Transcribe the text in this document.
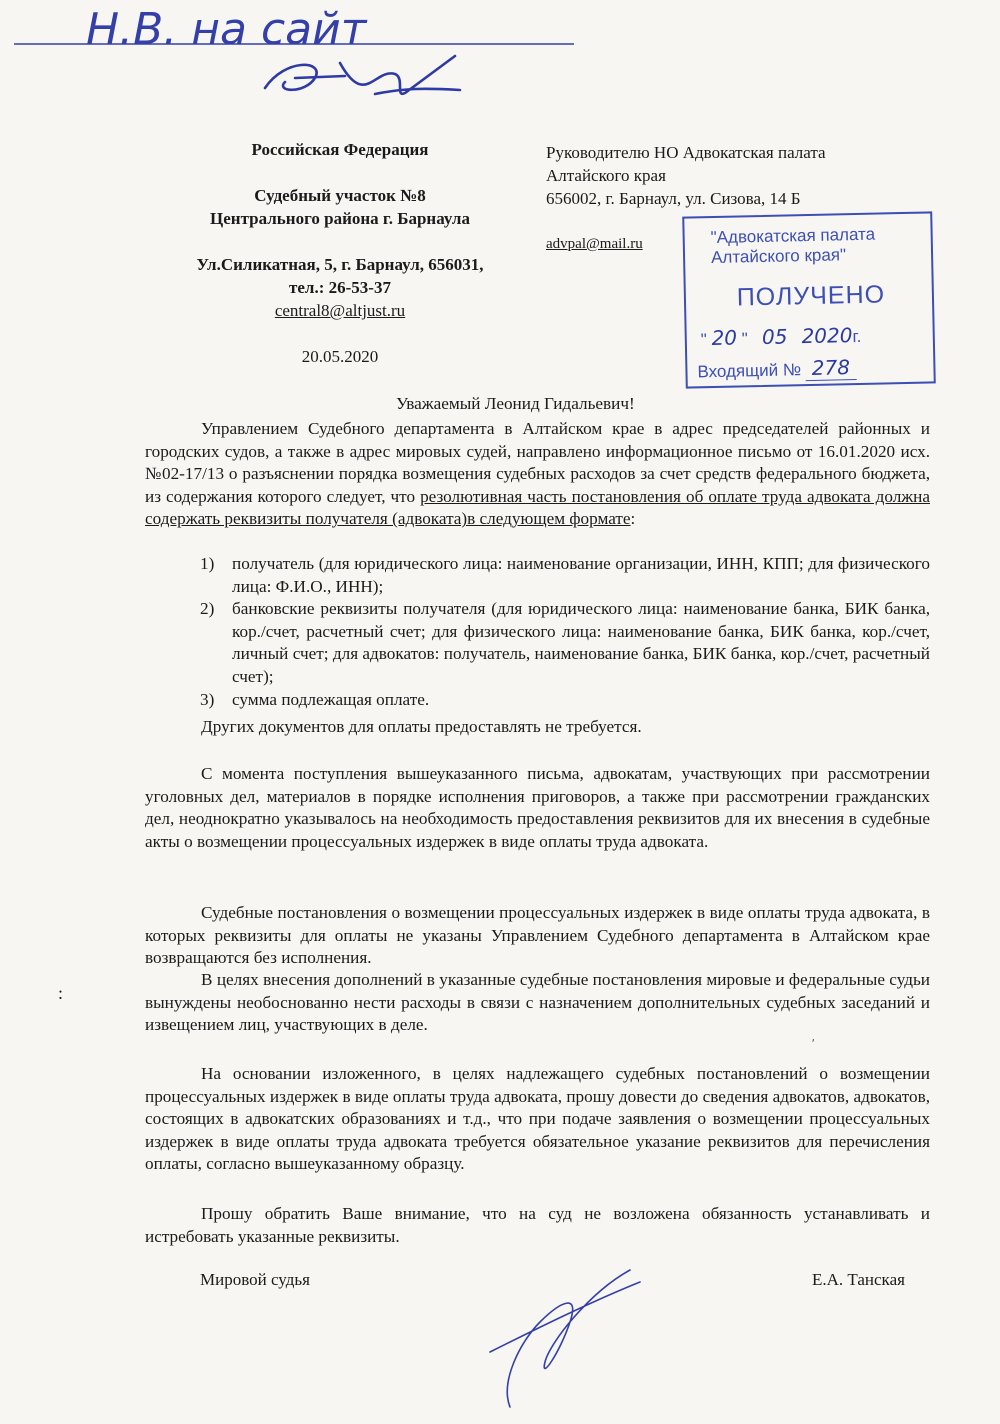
Н.В. на сайт
Российская Федерация
Судебный участок №8
Центрального района г. Барнаула
Ул.Силикатная, 5, г. Барнаул, 656031,
тел.: 26-53-37
central8@altjust.ru
20.05.2020
Руководителю НО Адвокатская палата
Алтайского края
656002, г. Барнаул, ул. Сизова, 14 Б
advpal@mail.ru	"Адвокатская палата
Алтайского края"
ПОЛУЧЕНО
" 20 " 05 2020г.
Входящий № 278
Уважаемый Леонид Гидальевич!
Управлением Судебного департамента в Алтайском крае в адрес председателей районных и городских судов, а также в адрес мировых судей, направлено информационное письмо от 16.01.2020 исх. №02-17/13 о разъяснении порядка возмещения судебных расходов за счет средств федерального бюджета, из содержания которого следует, что резолютивная часть постановления об оплате труда адвоката должна содержать реквизиты получателя (адвоката)в следующем формате:
1)	получатель (для юридического лица: наименование организации, ИНН, КПП; для физического лица: Ф.И.О., ИНН);
2)	банковские реквизиты получателя (для юридического лица: наименование банка, БИК банка, кор./счет, расчетный счет; для физического лица: наименование банка, БИК банка, кор./счет, личный счет; для адвокатов: получатель, наименование банка, БИК банка, кор./счет, расчетный счет);
3)	сумма подлежащая оплате.
Других документов для оплаты предоставлять не требуется.
С момента поступления вышеуказанного письма, адвокатам, участвующих при рассмотрении уголовных дел, материалов в порядке исполнения приговоров, а также при рассмотрении гражданских дел, неоднократно указывалось на необходимость предоставления реквизитов для их внесения в судебные акты о возмещении процессуальных издержек в виде оплаты труда адвоката.
Судебные постановления о возмещении процессуальных издержек в виде оплаты труда адвоката, в которых реквизиты для оплаты не указаны Управлением Судебного департамента в Алтайском крае возвращаются без исполнения.
В целях внесения дополнений в указанные судебные постановления мировые и федеральные судьи вынуждены необоснованно нести расходы в связи с назначением дополнительных судебных заседаний и извещением лиц, участвующих в деле.
На основании изложенного, в целях надлежащего судебных постановлений о возмещении процессуальных издержек в виде оплаты труда адвоката, прошу довести до сведения адвокатов, адвокатов, состоящих в адвокатских образованиях и т.д., что при подаче заявления о возмещении процессуальных издержек в виде оплаты труда адвоката требуется обязательное указание реквизитов для перечисления оплаты, согласно вышеуказанному образцу.
Прошу обратить Ваше внимание, что на суд не возложена обязанность устанавливать и истребовать указанные реквизиты.
:
ʹ
Мировой судья	Е.А. Танская
